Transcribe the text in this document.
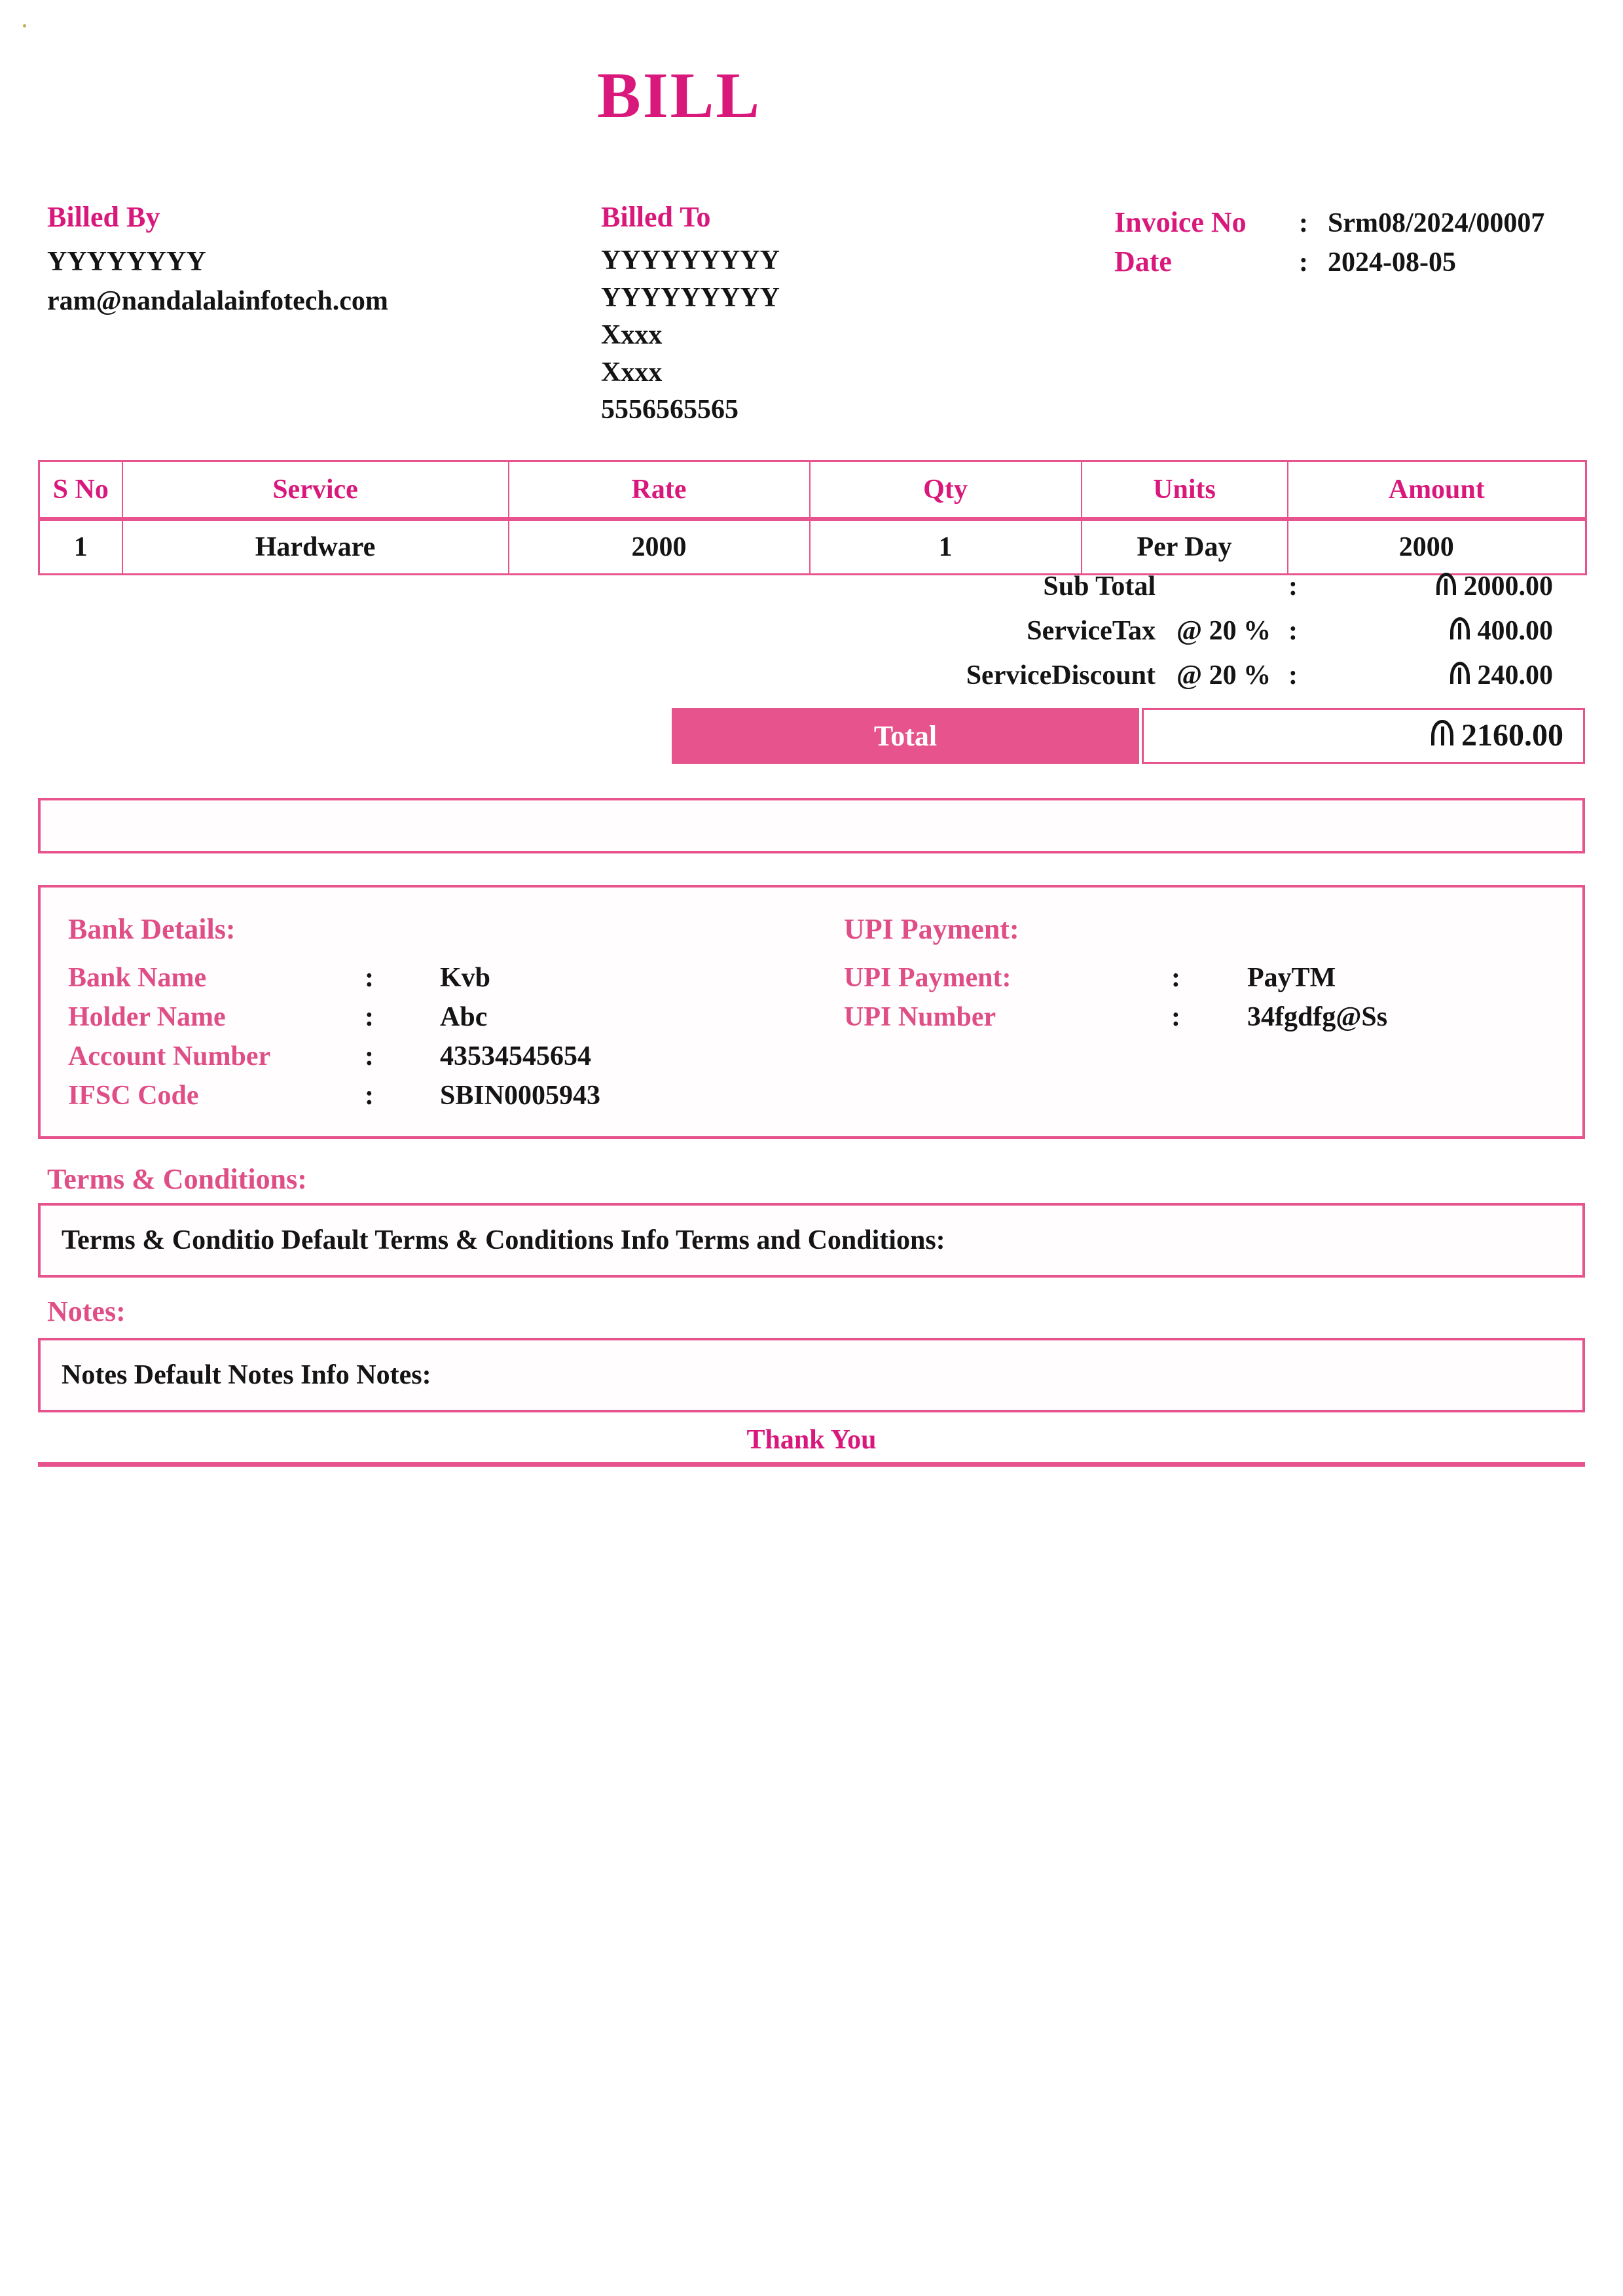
BILL
Billed By
YYYYYYYY
ram@nandalalainfotech.com
Billed To
YYYYYYYYY
YYYYYYYYY
Xxxx
Xxxx
5556565565
Invoice No : Srm08/2024/00007
Date	: 2024-08-05
S No	Service	Rate	Qty	Units	Amount
1	Hardware	2000	1	Per Day	2000
Sub Total	:	2000.00
ServiceTax @ 20 % :	400.00
ServiceDiscount @ 20 % :	240.00
Total	2160.00
Bank Details:
Bank Name	: Kvb
Holder Name	: Abc
Account Number	: 43534545654
IFSC Code	: SBIN0005943
UPI Payment:
UPI Payment:	: PayTM
UPI Number	: 34fgdfg@Ss
Terms & Conditions:
Terms & Conditio Default Terms & Conditions Info Terms and Conditions:
Notes:
Notes Default Notes Info Notes:
Thank You
